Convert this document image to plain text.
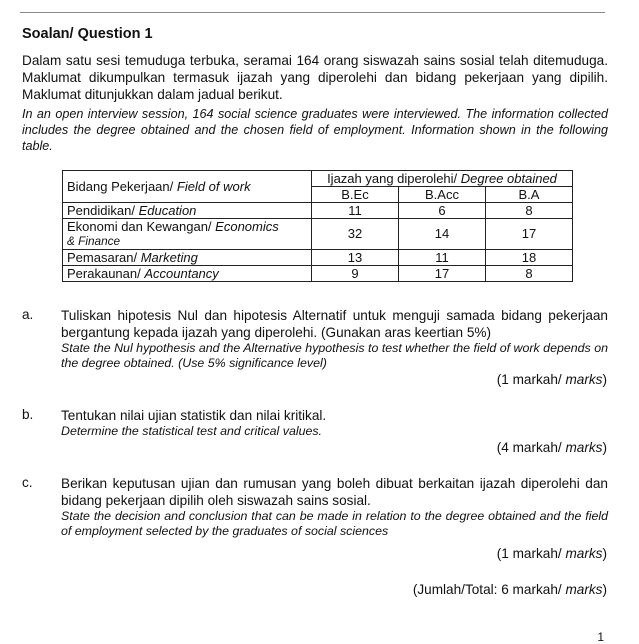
Soalan/ Question 1
Dalam satu sesi temuduga terbuka, seramai 164 orang siswazah sains sosial telah ditemuduga. Maklumat dikumpulkan termasuk ijazah yang diperolehi dan bidang pekerjaan yang dipilih. Maklumat ditunjukkan dalam jadual berikut.
In an open interview session, 164 social science graduates were interviewed. The information collected includes the degree obtained and the chosen field of employment. Information shown in the following table.
Bidang Pekerjaan/ Field of work	Ijazah yang diperolehi/ Degree obtained		
	B.Ec	B.Acc	B.A
Pendidikan/ Education	11	6	8
Ekonomi dan Kewangan/ Economics
& Finance	32	14	17
Pemasaran/ Marketing	13	11	18
Perakaunan/ Accountancy	9	17	8
a. Tuliskan hipotesis Nul dan hipotesis Alternatif untuk menguji samada bidang pekerjaan bergantung kepada ijazah yang diperolehi. (Gunakan aras keertian 5%)
State the Nul hypothesis and the Alternative hypothesis to test whether the field of work depends on the degree obtained. (Use 5% significance level)
(1 markah/ marks)
b. Tentukan nilai ujian statistik dan nilai kritikal.
Determine the statistical test and critical values.
(4 markah/ marks)
c. Berikan keputusan ujian dan rumusan yang boleh dibuat berkaitan ijazah diperolehi dan bidang pekerjaan dipilih oleh siswazah sains sosial.
State the decision and conclusion that can be made in relation to the degree obtained and the field of employment selected by the graduates of social sciences
(1 markah/ marks)
(Jumlah/Total: 6 markah/ marks)
1
